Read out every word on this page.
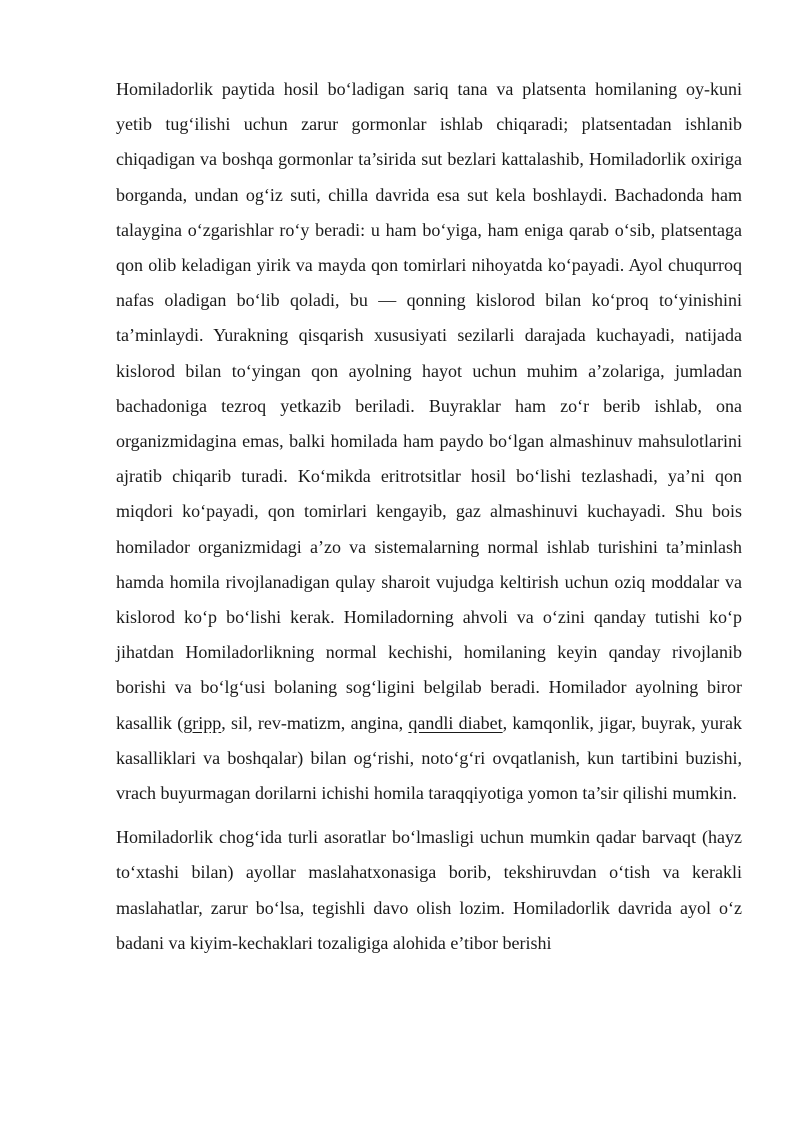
Homiladorlik paytida hosil bo‘ladigan sariq tana va platsenta homilaning oy-kuni yetib tug‘ilishi uchun zarur gormonlar ishlab chiqaradi; platsentadan ishlanib chiqadigan va boshqa gormonlar ta’sirida sut bezlari kattalashib, Homiladorlik oxiriga borganda, undan og‘iz suti, chilla davrida esa sut kela boshlaydi. Bachadonda ham talaygina o‘zgarishlar ro‘y beradi: u ham bo‘yiga, ham eniga qarab o‘sib, platsentaga qon olib keladigan yirik va mayda qon tomirlari nihoyatda ko‘payadi. Ayol chuqurroq nafas oladigan bo‘lib qoladi, bu — qonning kislorod bilan ko‘proq to‘yinishini ta’minlaydi. Yurakning qisqarish xususiyati sezilarli darajada kuchayadi, natijada kislorod bilan to‘yingan qon ayolning hayot uchun muhim a’zolariga, jumladan bachadoniga tezroq yetkazib beriladi. Buyraklar ham zo‘r berib ishlab, ona organizmidagina emas, balki homilada ham paydo bo‘lgan almashinuv mahsulotlarini ajratib chiqarib turadi. Ko‘mikda eritrotsitlar hosil bo‘lishi tezlashadi, ya’ni qon miqdori ko‘payadi, qon tomirlari kengayib, gaz almashinuvi kuchayadi. Shu bois homilador organizmidagi a’zo va sistemalarning normal ishlab turishini ta’minlash hamda homila rivojlanadigan qulay sharoit vujudga keltirish uchun oziq moddalar va kislorod ko‘p bo‘lishi kerak. Homiladorning ahvoli va o‘zini qanday tutishi ko‘p jihatdan Homiladorlikning normal kechishi, homilaning keyin qanday rivojlanib borishi va bo‘lg‘usi bolaning sog‘ligini belgilab beradi. Homilador ayolning biror kasallik (gripp, sil, rev-matizm, angina, qandli diabet, kamqonlik, jigar, buyrak, yurak kasalliklari va boshqalar) bilan og‘rishi, noto‘g‘ri ovqatlanish, kun tartibini buzishi, vrach buyurmagan dorilarni ichishi homila taraqqiyotiga yomon ta’sir qilishi mumkin.

Homiladorlik chog‘ida turli asoratlar bo‘lmasligi uchun mumkin qadar barvaqt (hayz to‘xtashi bilan) ayollar maslahatxonasiga borib, tekshiruvdan o‘tish va kerakli maslahatlar, zarur bo‘lsa, tegishli davo olish lozim. Homiladorlik davrida ayol o‘z badani va kiyim-kechaklari tozaligiga alohida e’tibor berishi
